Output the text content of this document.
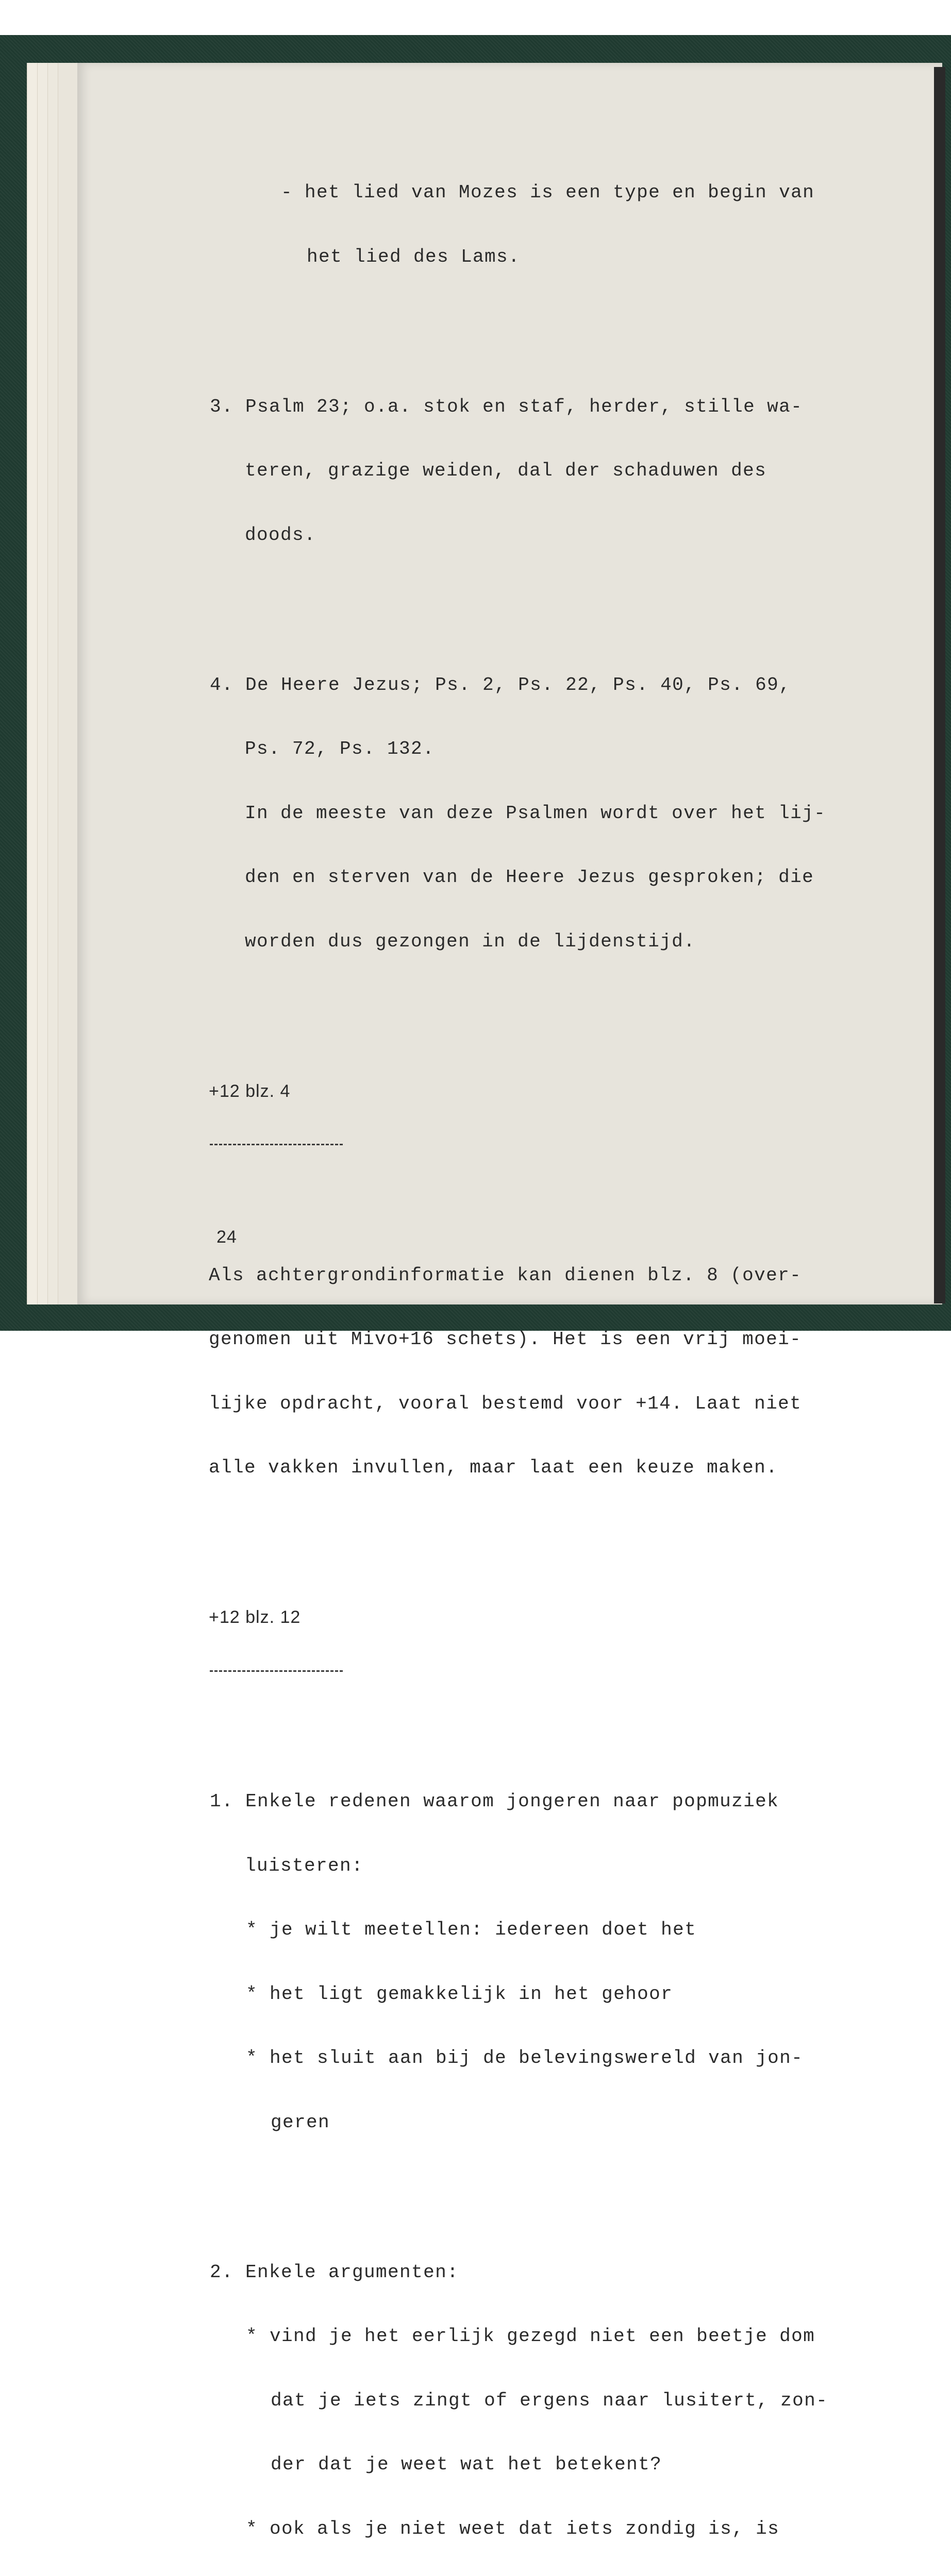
- het lied van Mozes is een type en begin van

het lied des Lams.

3. Psalm 23; o.a. stok en staf, herder, stille wa-

teren, grazige weiden, dal der schaduwen des

doods.

4. De Heere Jezus; Ps. 2, Ps. 22, Ps. 40, Ps. 69,

Ps. 72, Ps. 132.

In de meeste van deze Psalmen wordt over het lij-

den en sterven van de Heere Jezus gesproken; die

worden dus gezongen in de lijdenstijd.

+12 blz. 4

Als achtergrondinformatie kan dienen blz. 8 (over-

genomen uit Mivo+16 schets). Het is een vrij moei-

lijke opdracht, vooral bestemd voor +14. Laat niet

alle vakken invullen, maar laat een keuze maken.

+12 blz. 12

1. Enkele redenen waarom jongeren naar popmuziek

luisteren:

* je wilt meetellen: iedereen doet het

* het ligt gemakkelijk in het gehoor

* het sluit aan bij de belevingswereld van jon-

geren

2. Enkele argumenten:

* vind je het eerlijk gezegd niet een beetje dom

dat je iets zingt of ergens naar lusitert, zon-

der dat je weet wat het betekent?

* ook als je niet weet dat iets zondig is, is

24
